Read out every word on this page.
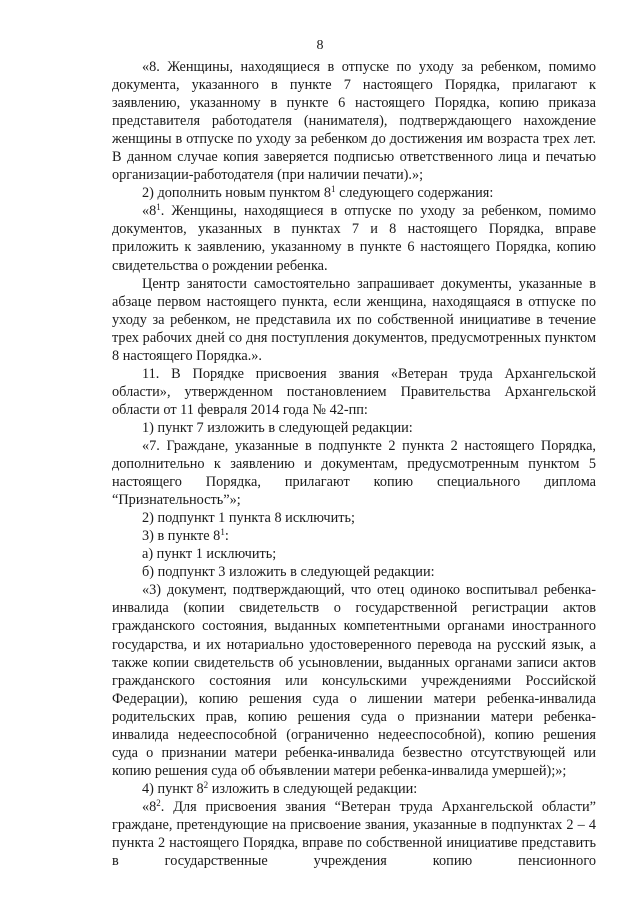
8

«8. Женщины, находящиеся в отпуске по уходу за ребенком, помимо документа, указанного в пункте 7 настоящего Порядка, прилагают к заявлению, указанному в пункте 6 настоящего Порядка, копию приказа представителя работодателя (нанимателя), подтверждающего нахождение женщины в отпуске по уходу за ребенком до достижения им возраста трех лет. В данном случае копия заверяется подписью ответственного лица и печатью организации-работодателя (при наличии печати).»;

2) дополнить новым пунктом $8^1$ следующего содержания:

«$8^1$. Женщины, находящиеся в отпуске по уходу за ребенком, помимо документов, указанных в пунктах 7 и 8 настоящего Порядка, вправе приложить к заявлению, указанному в пункте 6 настоящего Порядка, копию свидетельства о рождении ребенка.

Центр занятости самостоятельно запрашивает документы, указанные в абзаце первом настоящего пункта, если женщина, находящаяся в отпуске по уходу за ребенком, не представила их по собственной инициативе в течение трех рабочих дней со дня поступления документов, предусмотренных пунктом 8 настоящего Порядка.».

11. В Порядке присвоения звания «Ветеран труда Архангельской области», утвержденном постановлением Правительства Архангельской области от 11 февраля 2014 года № 42-пп:

1) пункт 7 изложить в следующей редакции:

«7. Граждане, указанные в подпункте 2 пункта 2 настоящего Порядка, дополнительно к заявлению и документам, предусмотренным пунктом 5 настоящего Порядка, прилагают копию специального диплома “Признательность”»;

2) подпункт 1 пункта 8 исключить;

3) в пункте $8^1$:

а) пункт 1 исключить;

б) подпункт 3 изложить в следующей редакции:

«3) документ, подтверждающий, что отец одиноко воспитывал ребенка-инвалида (копии свидетельств о государственной регистрации актов гражданского состояния, выданных компетентными органами иностранного государства, и их нотариально удостоверенного перевода на русский язык, а также копии свидетельств об усыновлении, выданных органами записи актов гражданского состояния или консульскими учреждениями Российской Федерации), копию решения суда о лишении матери ребенка-инвалида родительских прав, копию решения суда о признании матери ребенка-инвалида недееспособной (ограниченно недееспособной), копию решения суда о признании матери ребенка-инвалида безвестно отсутствующей или копию решения суда об объявлении матери ребенка-инвалида умершей);»;

4) пункт $8^2$ изложить в следующей редакции:

«$8^2$. Для присвоения звания “Ветеран труда Архангельской области” граждане, претендующие на присвоение звания, указанные в подпунктах 2 – 4 пункта 2 настоящего Порядка, вправе по собственной инициативе представить в государственные учреждения копию пенсионного
